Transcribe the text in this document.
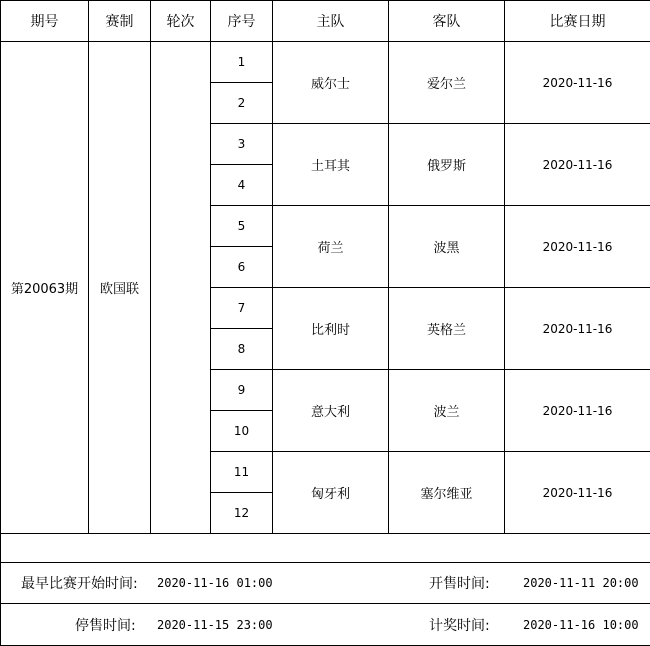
期号	赛制	轮次	序号	主队	客队	比赛日期
第20063期	欧国联		1	威尔士	爱尔兰	2020-11-16
			2			
			3	土耳其	俄罗斯	2020-11-16
			4			
			5	荷兰	波黑	2020-11-16
			6			
			7	比利时	英格兰	2020-11-16
			8			
			9	意大利	波兰	2020-11-16
			10			
			11	匈牙利	塞尔维亚	2020-11-16
			12			
最早比赛开始时间: 2020-11-16 01:00	开售时间:	2020-11-11 20:00
停售时间: 2020-11-15 23:00	计奖时间:	2020-11-16 10:00
